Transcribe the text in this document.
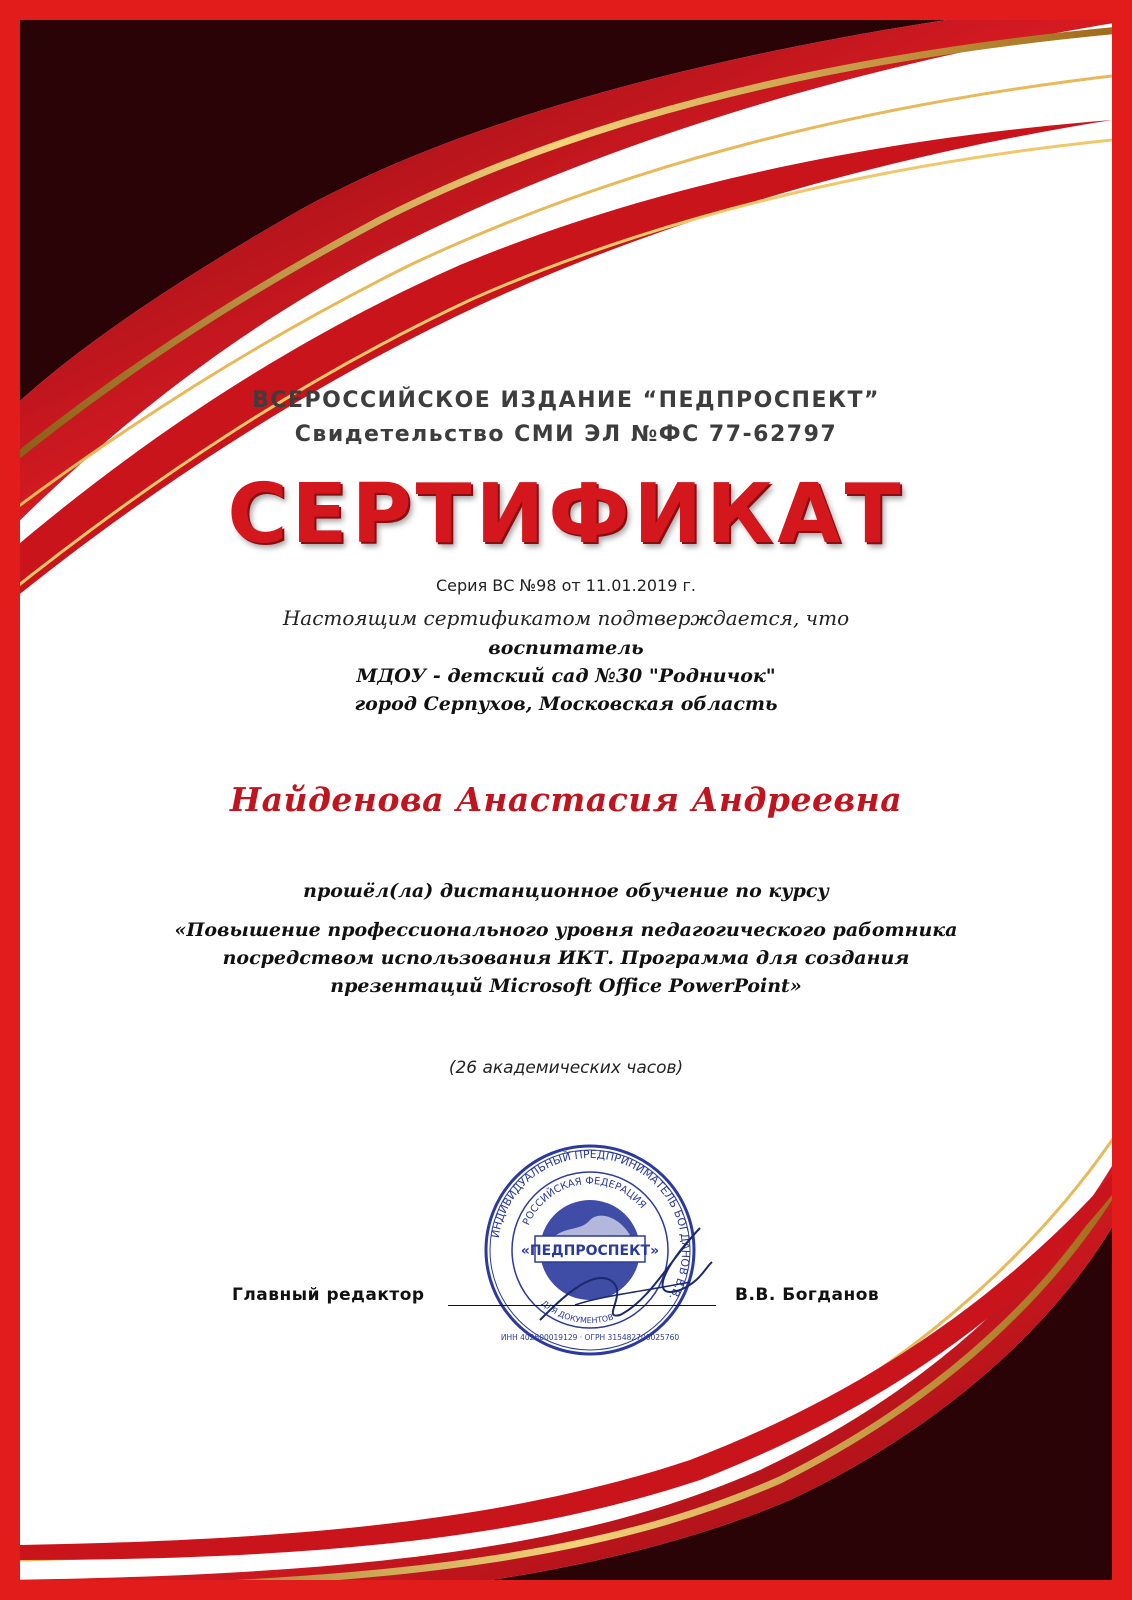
ВСЕРОССИЙСКОЕ ИЗДАНИЕ “ПЕДПРОСПЕКТ”
Свидетельство СМИ ЭЛ №ФС 77-62797
СЕРТИФИКАТ
Серия ВС №98 от 11.01.2019 г.
Настоящим сертификатом подтверждается, что
воспитатель
МДОУ - детский сад №30 "Родничок"
город Серпухов, Московская область
Найденова Анастасия Андреевна
прошёл(ла) дистанционное обучение по курсу
«Повышение профессионального уровня педагогического работника
посредством использования ИКТ. Программа для создания
презентаций Microsoft Office PowerPoint»
(26 академических часов)
«ПЕДПРОСПЕКТ»
ИНДИВИДУАЛЬНЫЙ ПРЕДПРИНИМАТЕЛЬ БОГДАНОВ В.В.
РОССИЙСКАЯ ФЕДЕРАЦИЯ
ДЛЯ ДОКУМЕНТОВ
ИНН 402600019129 · ОГРН 315482700025760
Главный редактор	В.В. Богданов
